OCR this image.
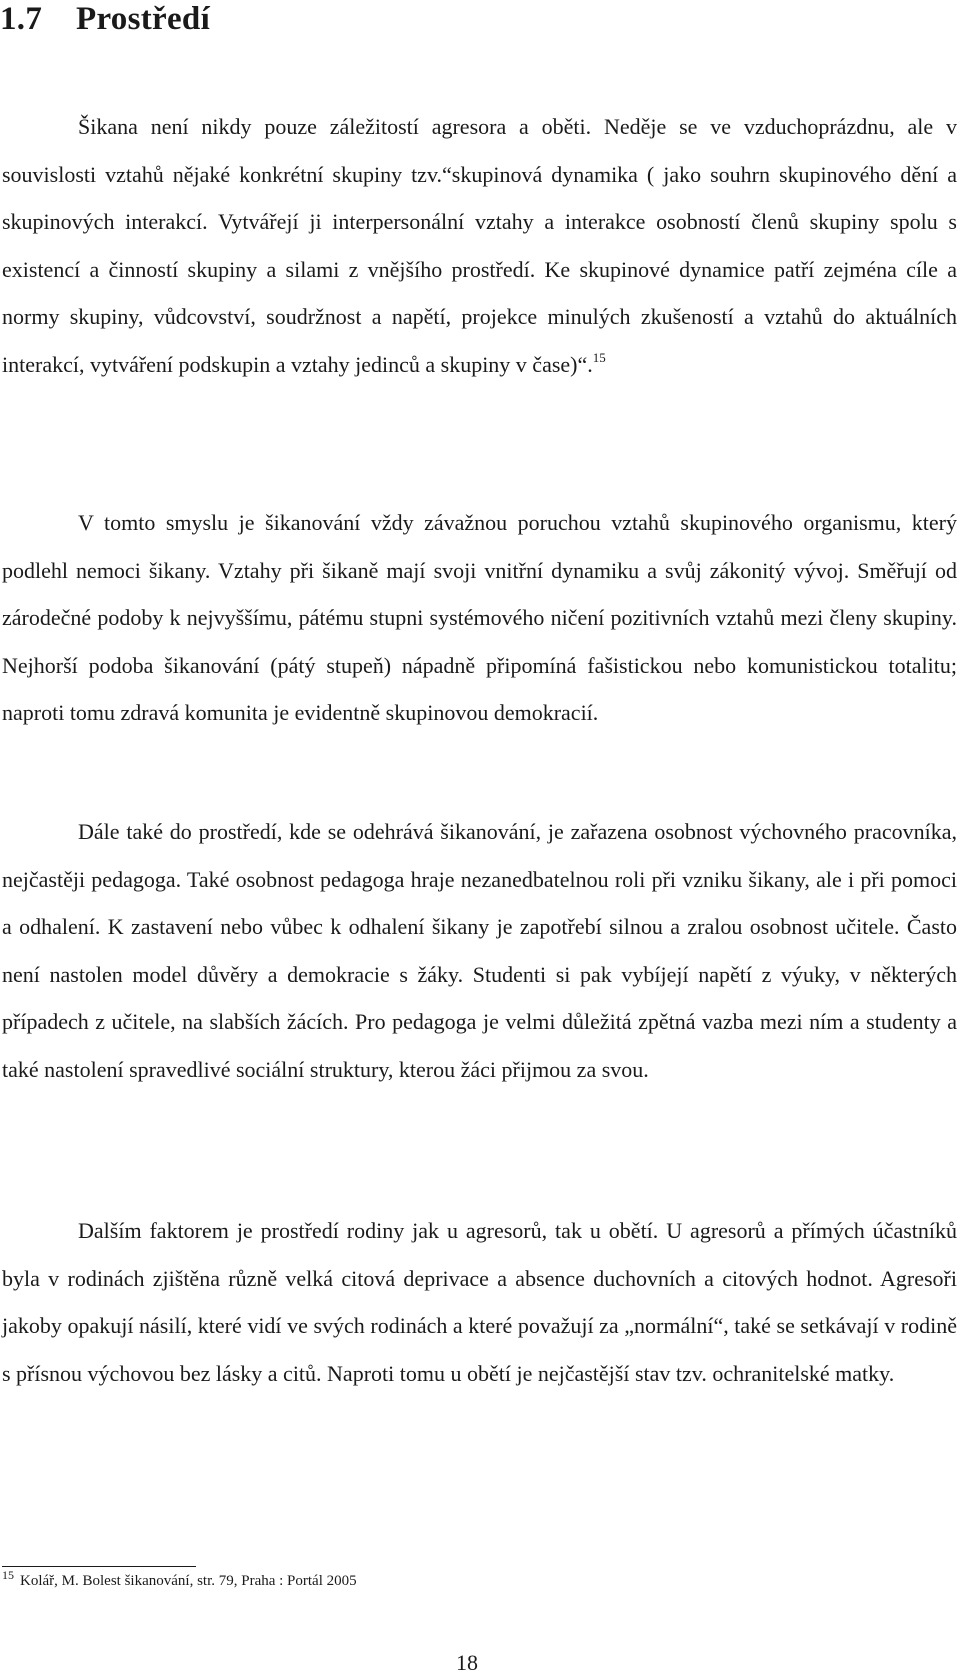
1.7 Prostředí

Šikana není nikdy pouze záležitostí agresora a oběti. Neděje se ve vzduchoprázdnu, ale v souvislosti vztahů nějaké konkrétní skupiny tzv.“skupinová dynamika ( jako souhrn skupinového dění a skupinových interakcí. Vytvářejí ji interpersonální vztahy a interakce osobností členů skupiny spolu s existencí a činností skupiny a silami z vnějšího prostředí. Ke skupinové dynamice patří zejména cíle a normy skupiny, vůdcovství, soudržnost a napětí, projekce minulých zkušeností a vztahů do aktuálních interakcí, vytváření podskupin a vztahy jedinců a skupiny v čase)“.$^{15}$

V tomto smyslu je šikanování vždy závažnou poruchou vztahů skupinového organismu, který podlehl nemoci šikany. Vztahy při šikaně mají svoji vnitřní dynamiku a svůj zákonitý vývoj. Směřují od zárodečné podoby k nejvyššímu, pátému stupni systémového ničení pozitivních vztahů mezi členy skupiny. Nejhorší podoba šikanování (pátý stupeň) nápadně připomíná fašistickou nebo komunistickou totalitu; naproti tomu zdravá komunita je evidentně skupinovou demokracií.

Dále také do prostředí, kde se odehrává šikanování, je zařazena osobnost výchovného pracovníka, nejčastěji pedagoga. Také osobnost pedagoga hraje nezanedbatelnou roli při vzniku šikany, ale i při pomoci a odhalení. K zastavení nebo vůbec k odhalení šikany je zapotřebí silnou a zralou osobnost učitele. Často není nastolen model důvěry a demokracie s žáky. Studenti si pak vybíjejí napětí z výuky, v některých případech z učitele, na slabších žácích. Pro pedagoga je velmi důležitá zpětná vazba mezi ním a studenty a také nastolení spravedlivé sociální struktury, kterou žáci přijmou za svou.

Dalším faktorem je prostředí rodiny jak u agresorů, tak u obětí. U agresorů a přímých účastníků byla v rodinách zjištěna různě velká citová deprivace a absence duchovních a citových hodnot. Agresoři jakoby opakují násilí, které vidí ve svých rodinách a které považují za „normální“, také se setkávají v rodině s přísnou výchovou bez lásky a citů. Naproti tomu u obětí je nejčastější stav tzv. ochranitelské matky.

$^{15}$ Kolář, M. Bolest šikanování, str. 79, Praha : Portál 2005

18
